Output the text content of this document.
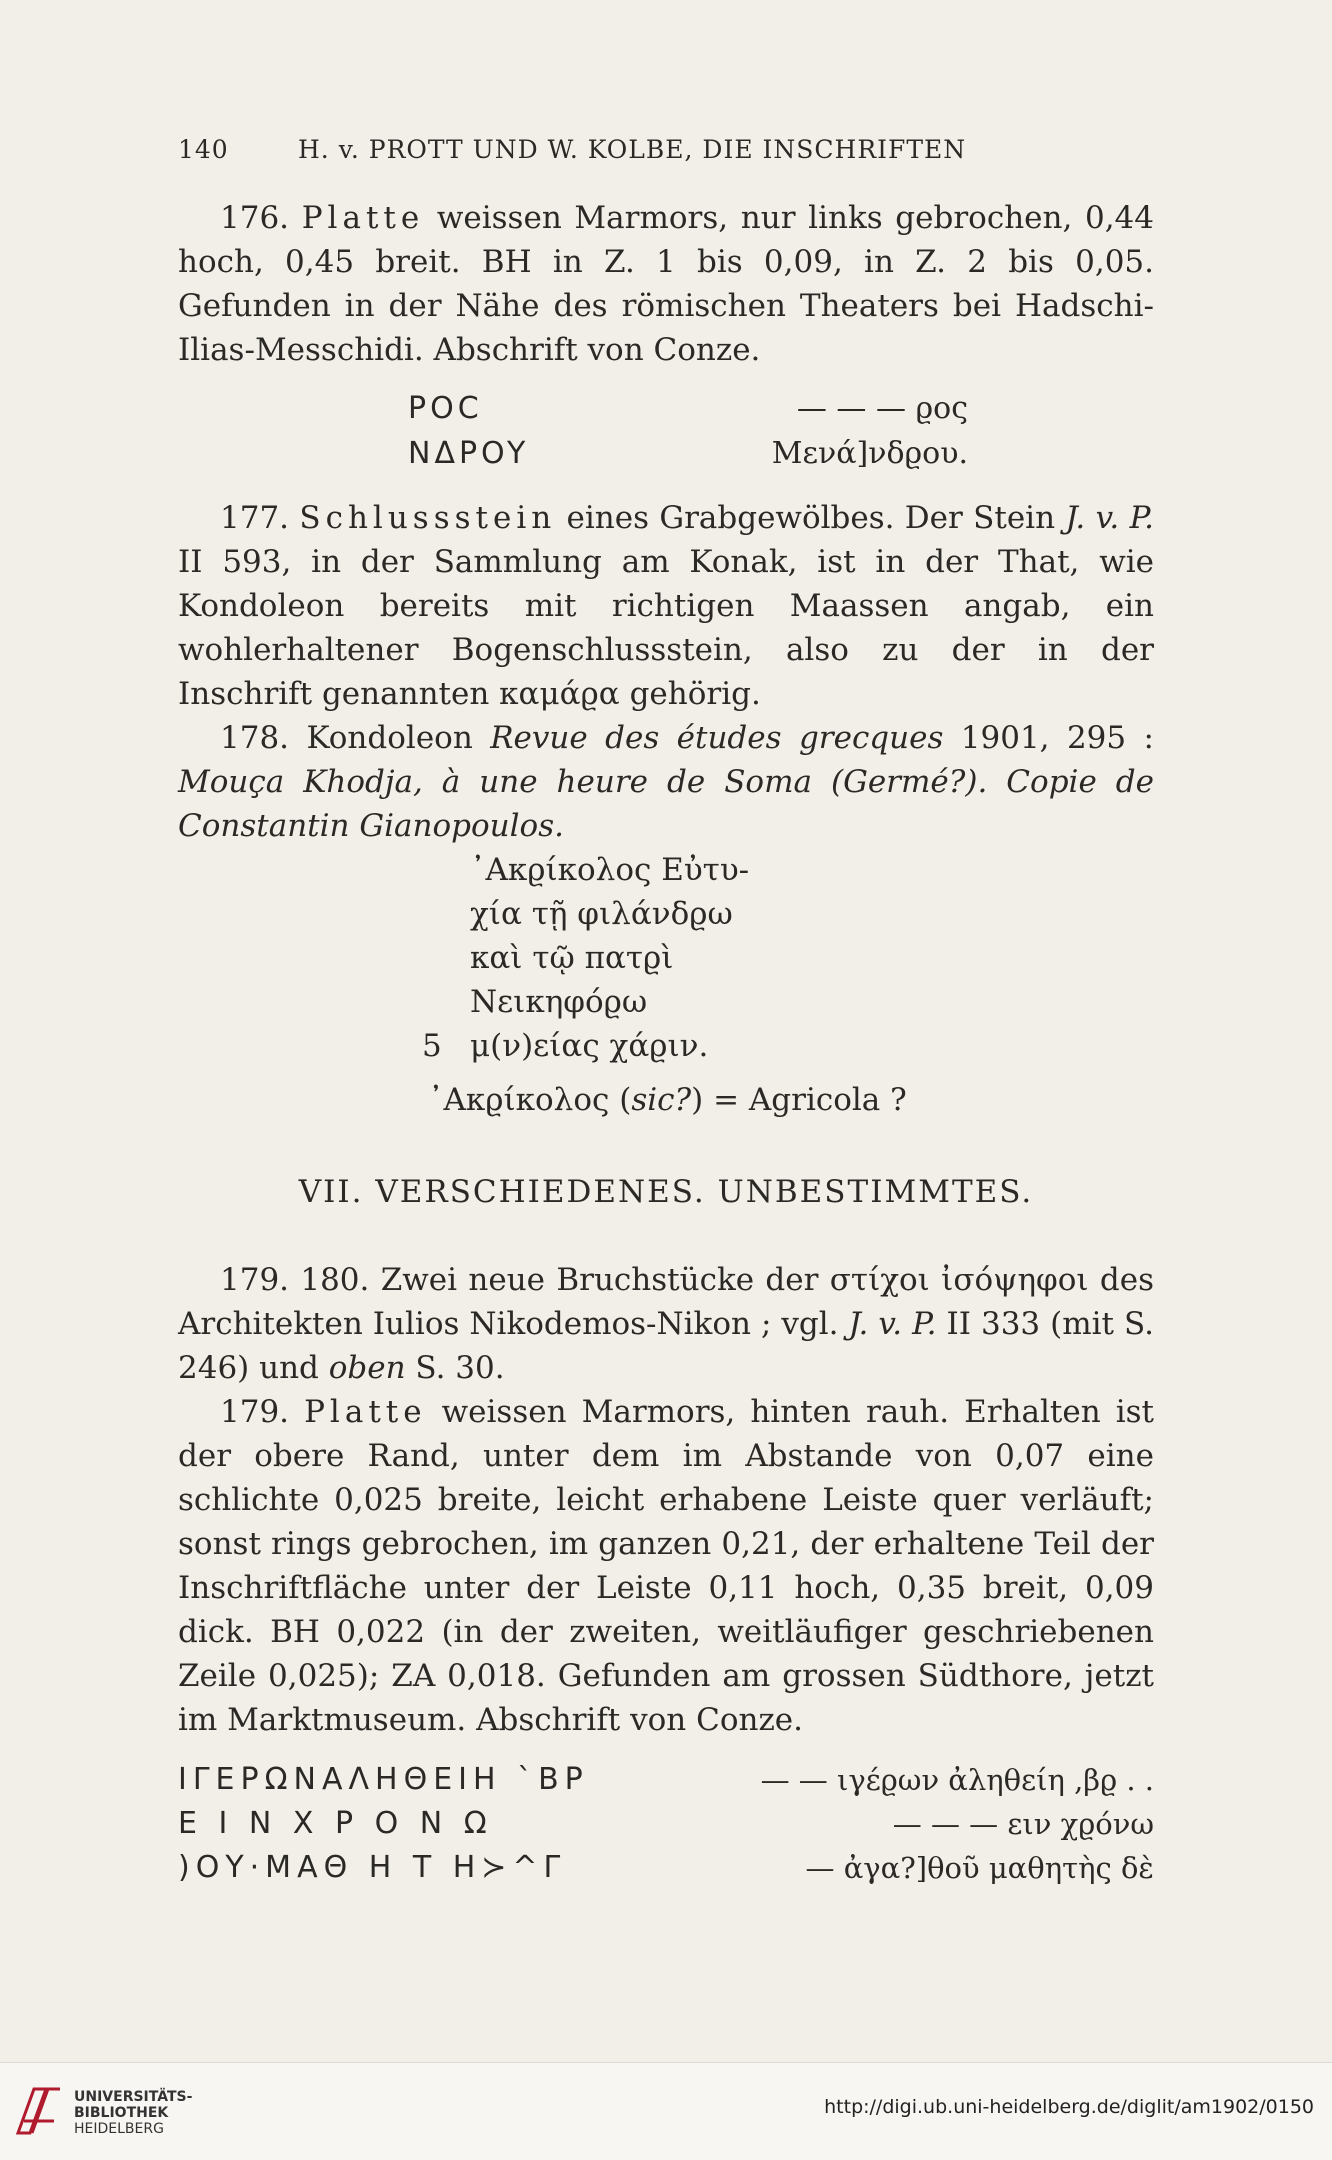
140	H. v. PROTT UND W. KOLBE, DIE INSCHRIFTEN

176. Platte weissen Marmors, nur links gebrochen, 0,44 hoch, 0,45 breit. BH in Z. 1 bis 0,09, in Z. 2 bis 0,05. Gefunden in der Nähe des römischen Theaters bei Hadschi-Ilias-Messchidi. Abschrift von Conze.

POC	— — — ϱος
NΔPOY	Μενά]νδϱου.

177. Schlussstein eines Grabgewölbes. Der Stein J. v. P. II 593, in der Sammlung am Konak, ist in der That, wie Kondoleon bereits mit richtigen Maassen angab, ein wohlerhaltener Bogenschlussstein, also zu der in der Inschrift genannten καμάϱα gehörig.

178. Kondoleon Revue des études grecques 1901, 295 : Mouça Khodja, à une heure de Soma (Germé?). Copie de Constantin Gianopoulos.

᾿Ακϱίκολος Εὐτυ-
χία τῇ φιλάνδϱω
καὶ τῷ πατϱὶ
Νεικηφόϱω
5 μ(ν)είας χάϱιν.

᾿Ακϱίκολος (sic?) = Agricola ?

VII. VERSCHIEDENES. UNBESTIMMTES.

179. 180. Zwei neue Bruchstücke der στίχοι ἰσόψηφοι des Architekten Iulios Nikodemos-Nikon ; vgl. J. v. P. II 333 (mit S. 246) und oben S. 30.

179. Platte weissen Marmors, hinten rauh. Erhalten ist der obere Rand, unter dem im Abstande von 0,07 eine schlichte 0,025 breite, leicht erhabene Leiste quer verläuft; sonst rings gebrochen, im ganzen 0,21, der erhaltene Teil der Inschriftfläche unter der Leiste 0,11 hoch, 0,35 breit, 0,09 dick. BH 0,022 (in der zweiten, weitläufiger geschriebenen Zeile 0,025); ZA 0,018. Gefunden am grossen Südthore, jetzt im Marktmuseum. Abschrift von Conze.

ΙΓΕΡΩΝΑΛΗΘΕΙΗ ˋΒΡ	— — ιγέϱων ἀληθείη ,βϱ . .
Ε Ι Ν Χ Ρ Ο Ν Ω	— — — ειν χϱόνω
)ΟΥ·ΜΑΘ Η Τ Η≻^Γ	— ἀγα?]θοῦ μαθητὴς δὲ
UNIVERSITÄTS-
BIBLIOTHEK
HEIDELBERG
http://digi.ub.uni-heidelberg.de/diglit/am1902/0150
